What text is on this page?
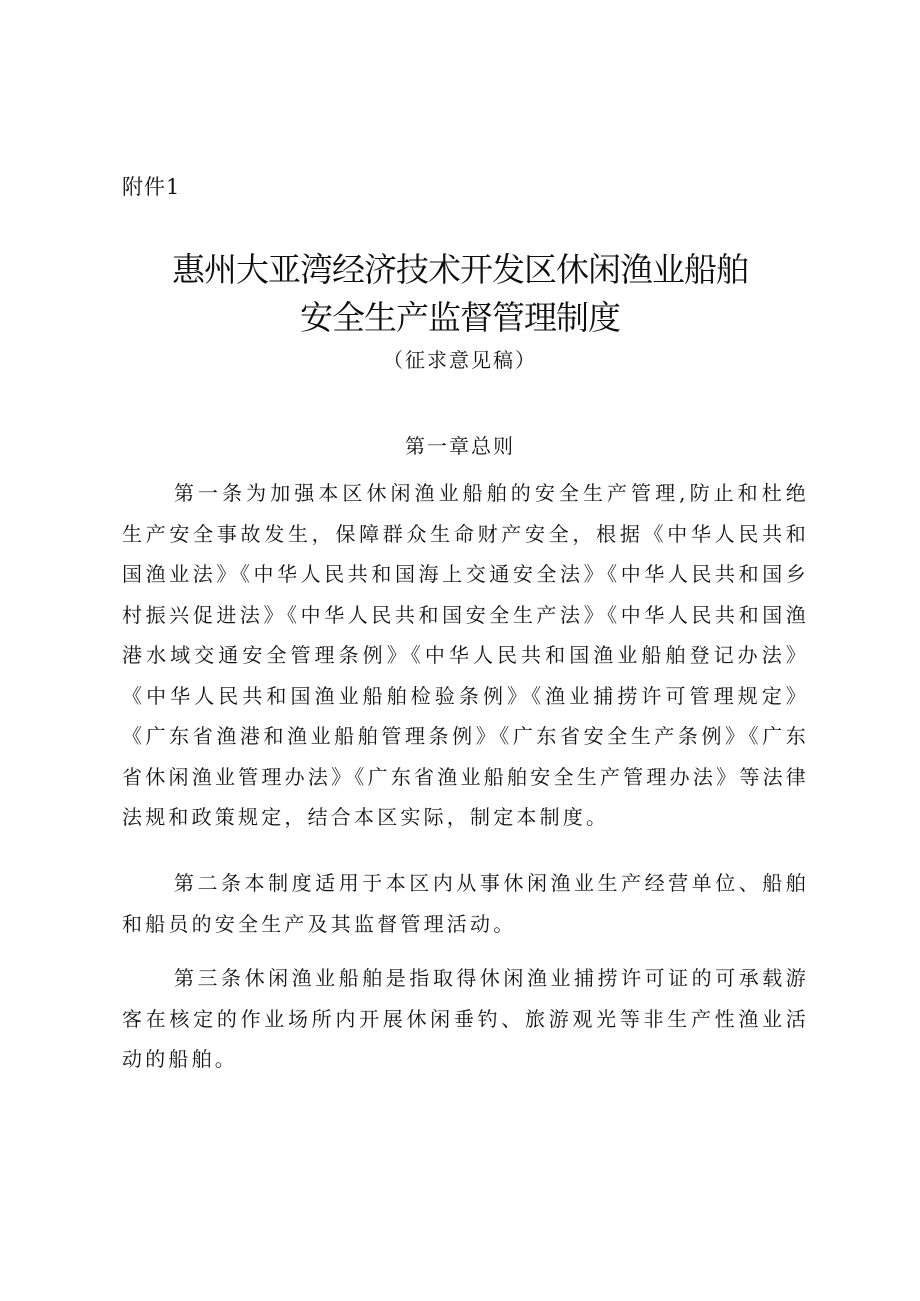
附件1
惠州大亚湾经济技术开发区休闲渔业船舶
安全生产监督管理制度
（征求意见稿）
第一章总则

第一条为加强本区休闲渔业船舶的安全生产管理,防止和杜绝生产安全事故发生，保障群众生命财产安全，根据《中华人民共和国渔业法》《中华人民共和国海上交通安全法》《中华人民共和国乡村振兴促进法》《中华人民共和国安全生产法》《中华人民共和国渔港水域交通安全管理条例》《中华人民共和国渔业船舶登记办法》《中华人民共和国渔业船舶检验条例》《渔业捕捞许可管理规定》《广东省渔港和渔业船舶管理条例》《广东省安全生产条例》《广东省休闲渔业管理办法》《广东省渔业船舶安全生产管理办法》等法律法规和政策规定，结合本区实际，制定本制度。

第二条本制度适用于本区内从事休闲渔业生产经营单位、船舶和船员的安全生产及其监督管理活动。

第三条休闲渔业船舶是指取得休闲渔业捕捞许可证的可承载游客在核定的作业场所内开展休闲垂钓、旅游观光等非生产性渔业活动的船舶。
